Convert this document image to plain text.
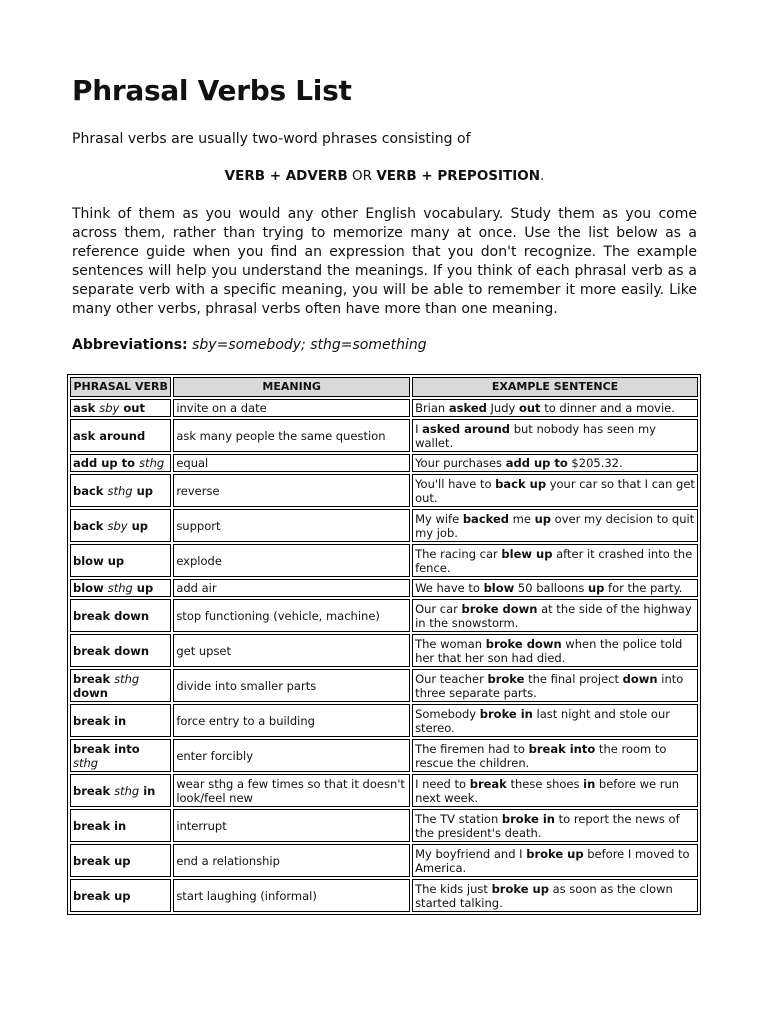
Phrasal Verbs List

Phrasal verbs are usually two-word phrases consisting of

VERB + ADVERB OR VERB + PREPOSITION.

Think of them as you would any other English vocabulary. Study them as you come across them, rather than trying to memorize many at once. Use the list below as a reference guide when you find an expression that you don't recognize. The example sentences will help you understand the meanings. If you think of each phrasal verb as a separate verb with a specific meaning, you will be able to remember it more easily. Like many other verbs, phrasal verbs often have more than one meaning.

Abbreviations: sby=somebody; sthg=something

PHRASAL VERB	MEANING	EXAMPLE SENTENCE
ask sby out	invite on a date	Brian asked Judy out to dinner and a movie.
ask around	ask many people the same question	I asked around but nobody has seen my wallet.
add up to sthg	equal	Your purchases add up to $205.32.
back sthg up	reverse	You'll have to back up your car so that I can get out.
back sby up	support	My wife backed me up over my decision to quit my job.
blow up	explode	The racing car blew up after it crashed into the fence.
blow sthg up	add air	We have to blow 50 balloons up for the party.
break down	stop functioning (vehicle, machine)	Our car broke down at the side of the highway in the snowstorm.
break down	get upset	The woman broke down when the police told her that her son had died.
break sthg down	divide into smaller parts	Our teacher broke the final project down into three separate parts.
break in	force entry to a building	Somebody broke in last night and stole our stereo.
break into sthg	enter forcibly	The firemen had to break into the room to rescue the children.
break sthg in	wear sthg a few times so that it doesn't look/feel new	I need to break these shoes in before we run next week.
break in	interrupt	The TV station broke in to report the news of the president's death.
break up	end a relationship	My boyfriend and I broke up before I moved to America.
break up	start laughing (informal)	The kids just broke up as soon as the clown started talking.
